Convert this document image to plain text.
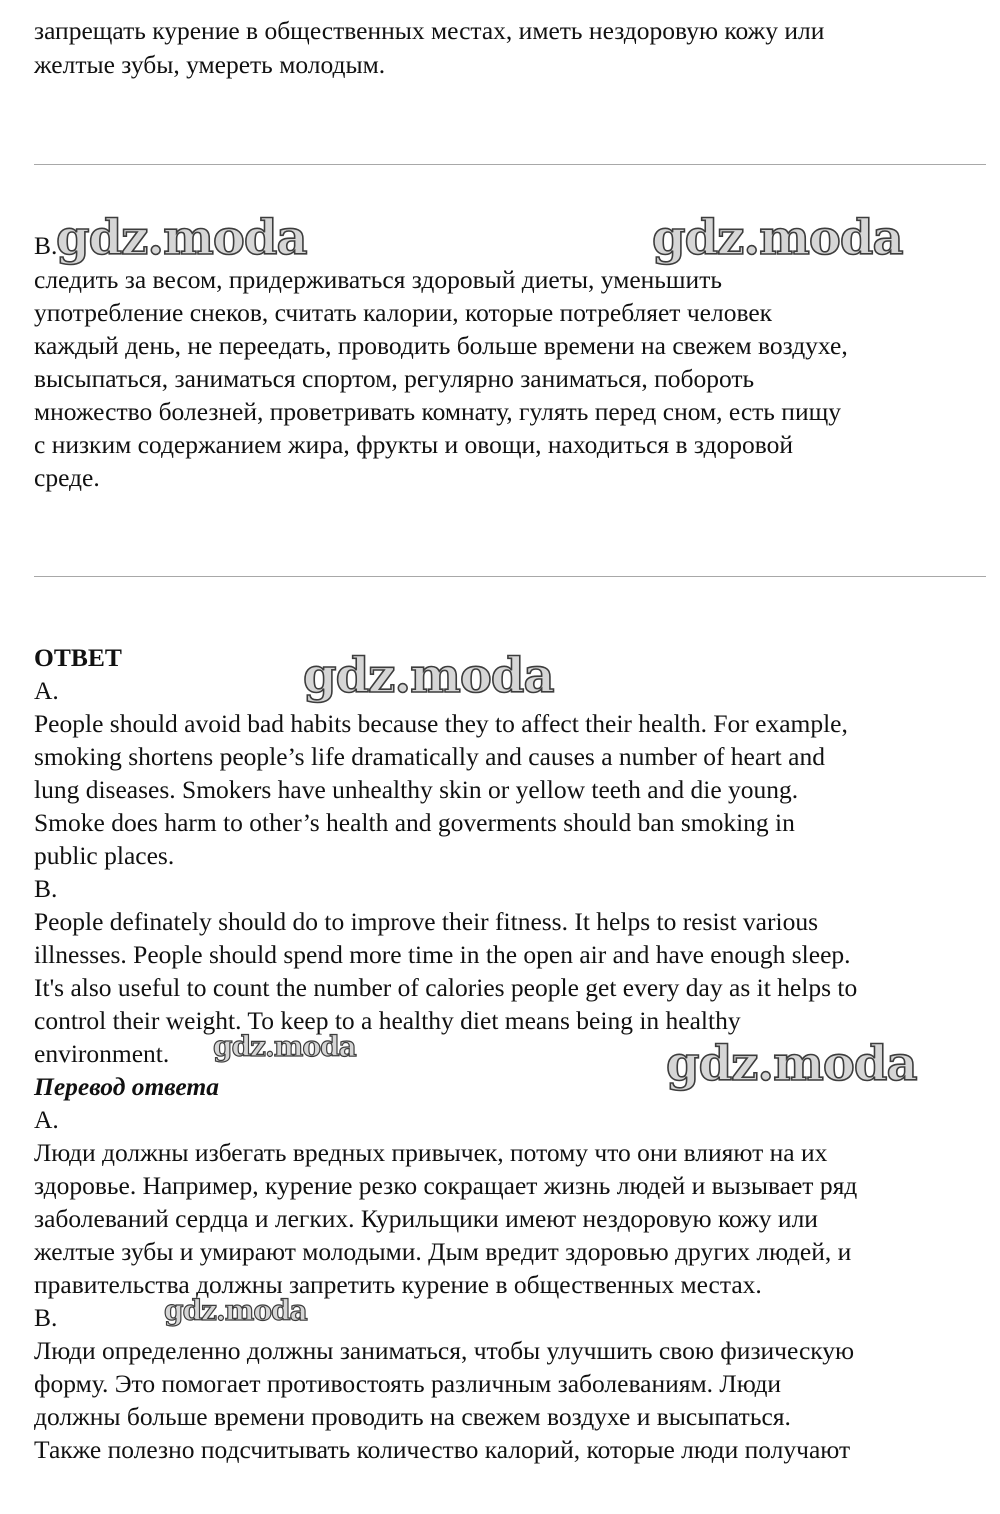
запрещать курение в общественных местах, иметь нездоровую кожу или
желтые зубы, умереть молодым.
B.
следить за весом, придерживаться здоровый диеты, уменьшить
употребление снеков, считать калории, которые потребляет человек
каждый день, не переедать, проводить больше времени на свежем воздухе,
высыпаться, заниматься спортом, регулярно заниматься, побороть
множество болезней, проветривать комнату, гулять перед сном, есть пищу
с низким содержанием жира, фрукты и овощи, находиться в здоровой
среде.
ОТВЕТ
A.
People should avoid bad habits because they to affect their health. For example,
smoking shortens people’s life dramatically and causes a number of heart and
lung diseases. Smokers have unhealthy skin or yellow teeth and die young.
Smoke does harm to other’s health and goverments should ban smoking in
public places.
B.
People definately should do to improve their fitness. It helps to resist various
illnesses. People should spend more time in the open air and have enough sleep.
It's also useful to count the number of calories people get every day as it helps to
control their weight. To keep to a healthy diet means being in healthy
environment.
Перевод ответа
A.
Люди должны избегать вредных привычек, потому что они влияют на их
здоровье. Например, курение резко сокращает жизнь людей и вызывает ряд
заболеваний сердца и легких. Курильщики имеют нездоровую кожу или
желтые зубы и умирают молодыми. Дым вредит здоровью других людей, и
правительства должны запретить курение в общественных местах.
B.
Люди определенно должны заниматься, чтобы улучшить свою физическую
форму. Это помогает противостоять различным заболеваниям. Люди
должны больше времени проводить на свежем воздухе и высыпаться.
Также полезно подсчитывать количество калорий, которые люди получают
gdz.moda	gdz.moda
gdz.moda
gdz.moda	gdz.moda
gdz.moda
